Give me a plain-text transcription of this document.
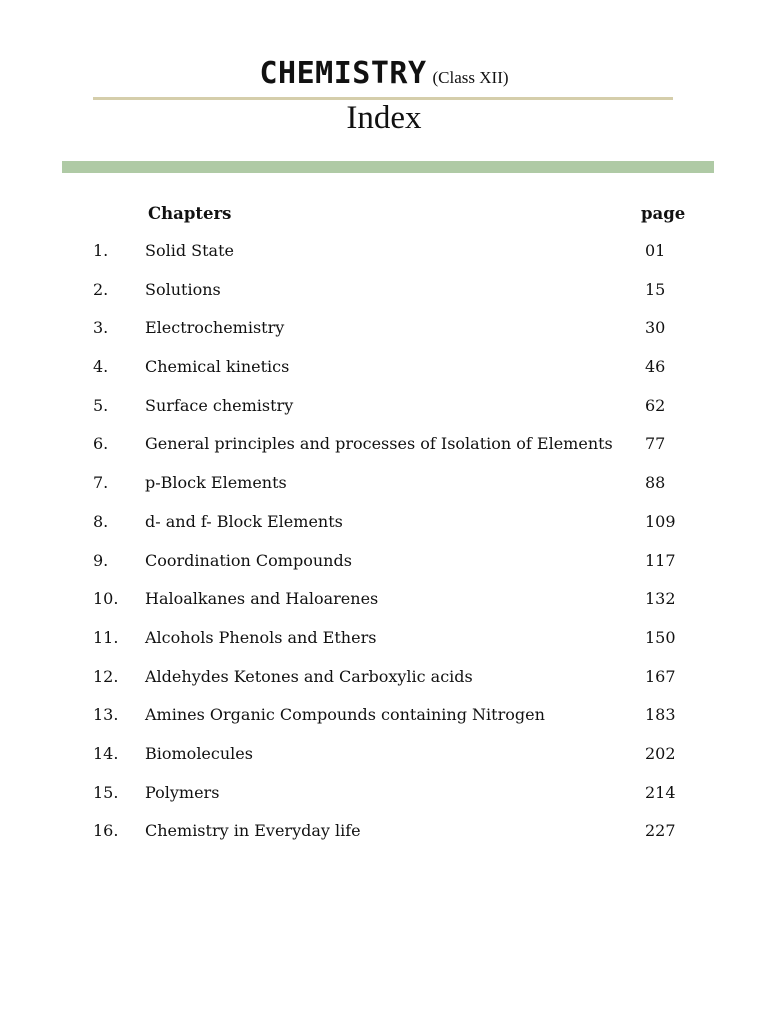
CHEMISTRY (Class XII)
Index
Chapters	page
1. Solid State	01
2. Solutions	15
3. Electrochemistry	30
4. Chemical kinetics	46
5. Surface chemistry	62
6. General principles and processes of Isolation of Elements 77
7. p-Block Elements	88
8. d- and f- Block Elements	109
9. Coordination Compounds	117
10. Haloalkanes and Haloarenes	132
11. Alcohols Phenols and Ethers	150
12. Aldehydes Ketones and Carboxylic acids	167
13. Amines Organic Compounds containing Nitrogen	183
14. Biomolecules	202
15. Polymers	214
16. Chemistry in Everyday life	227
